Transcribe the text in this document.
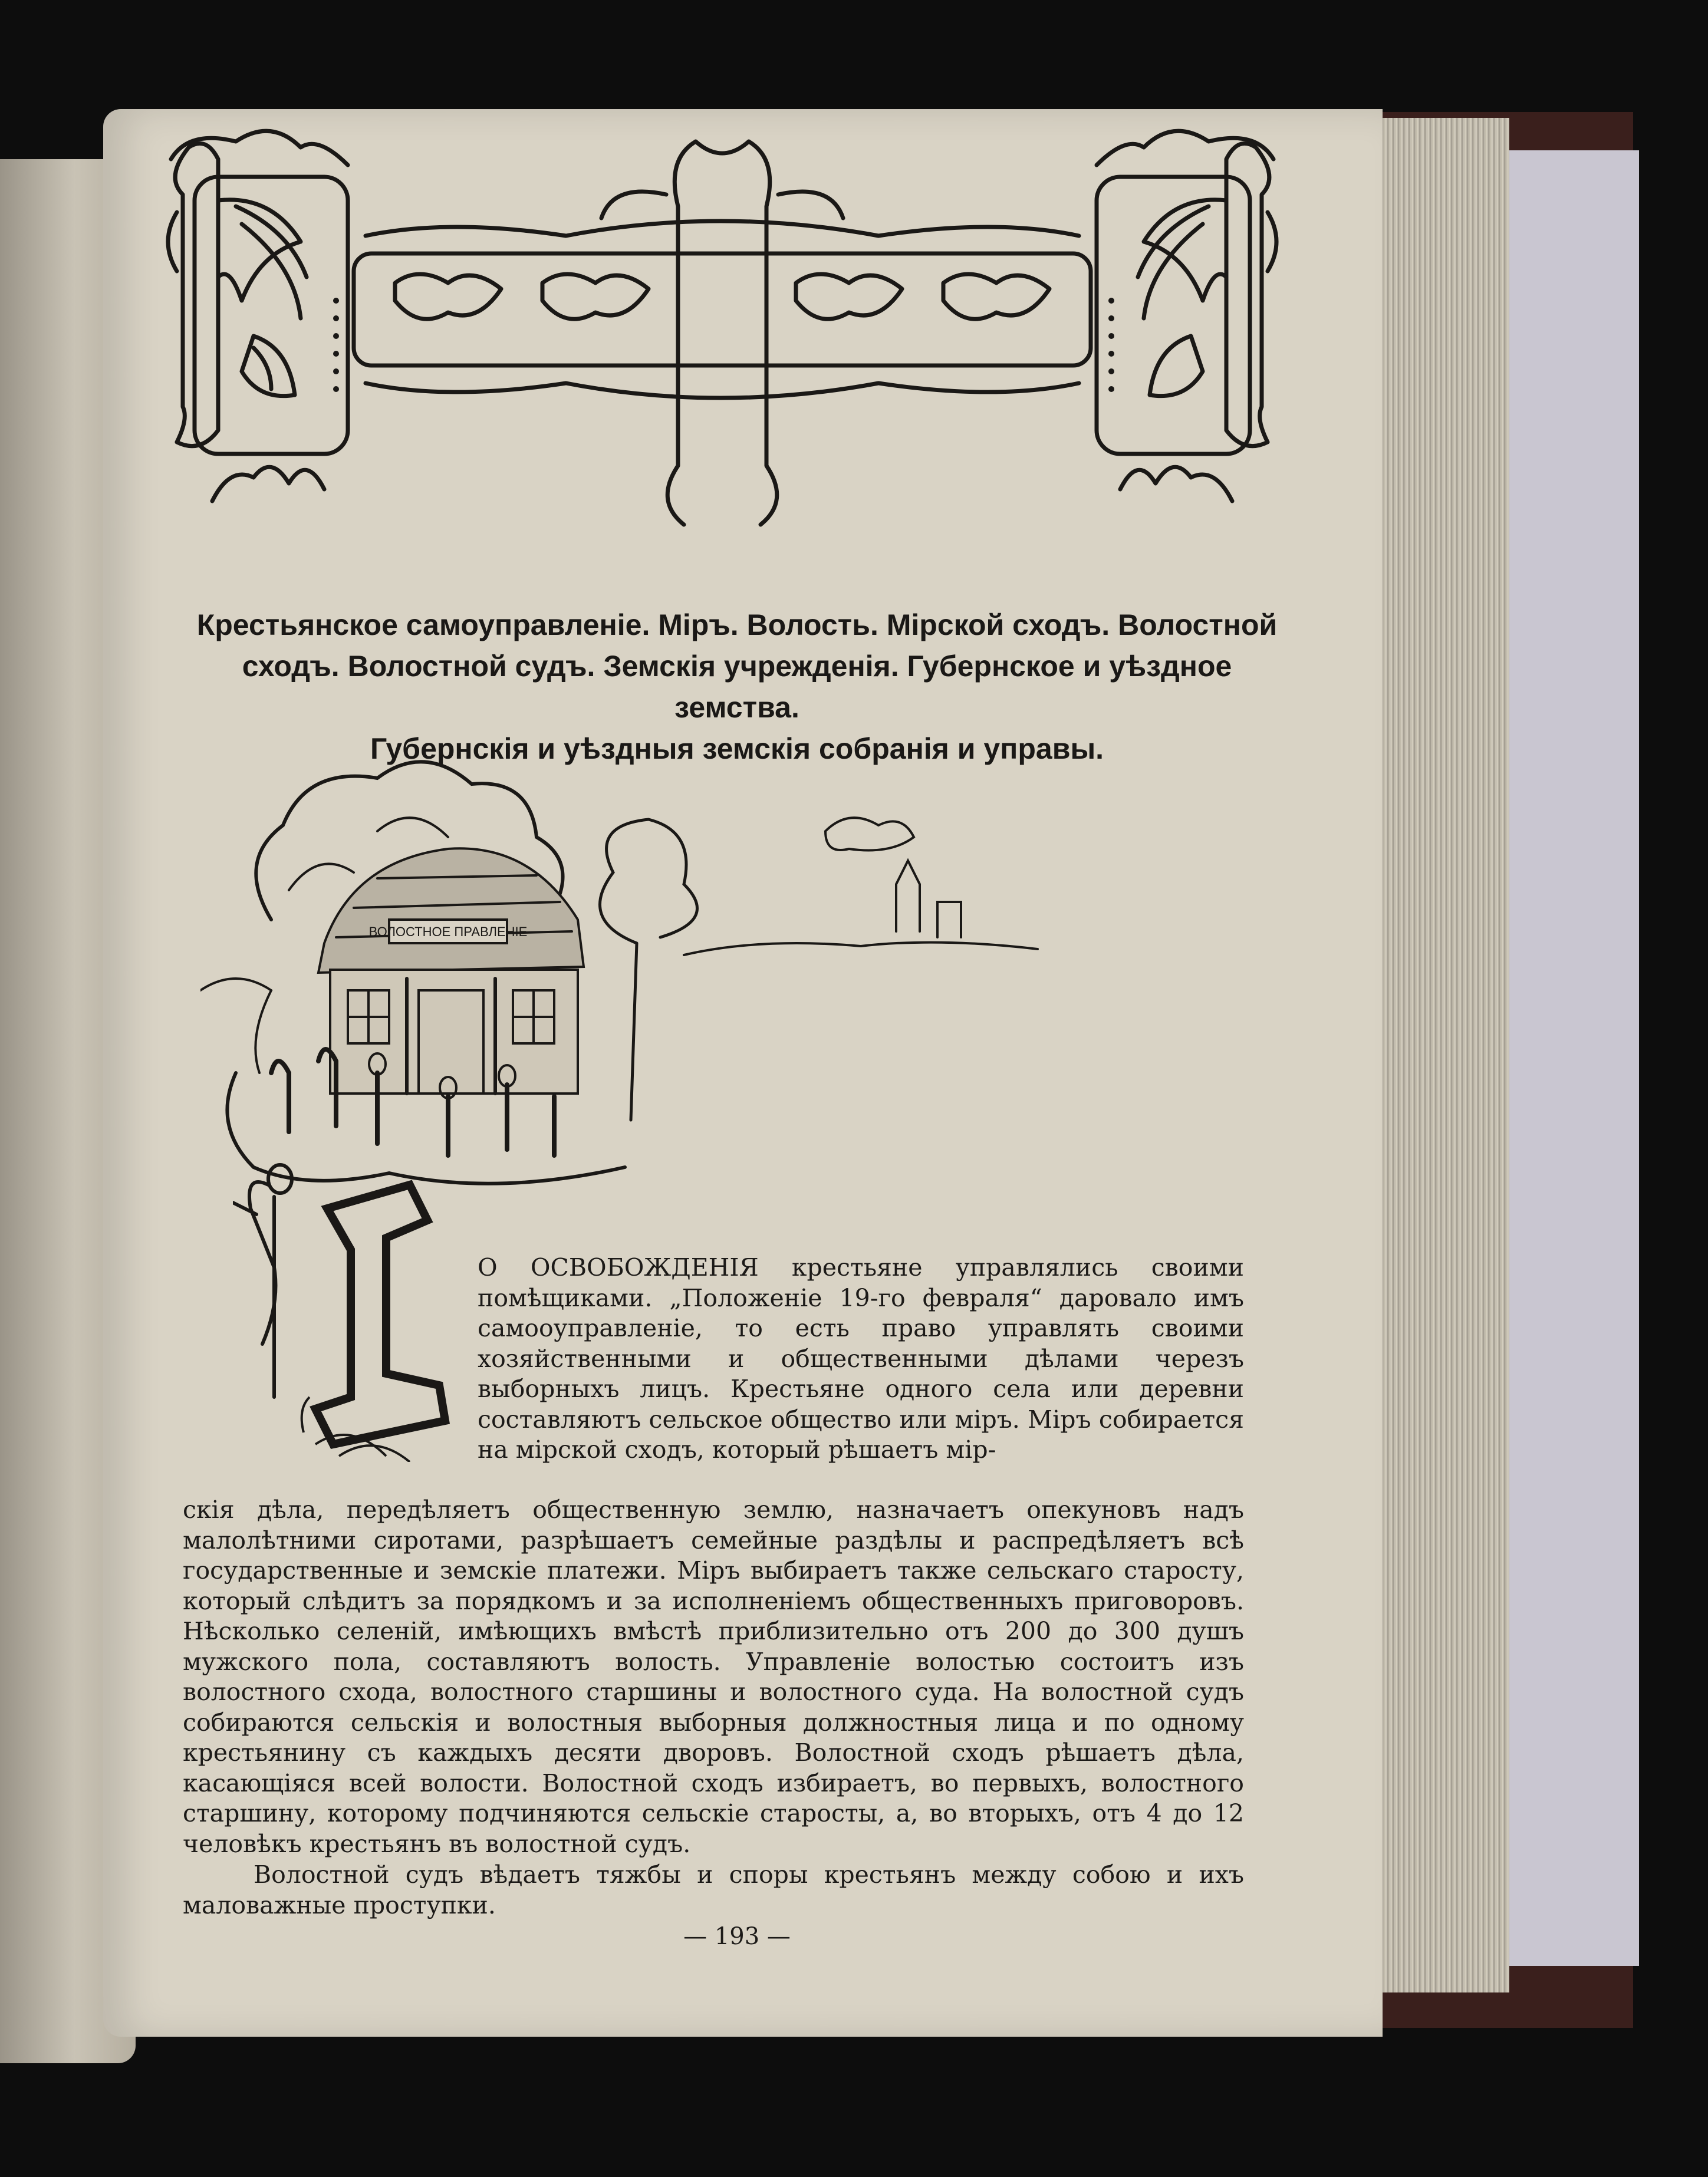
Крестьянское самоуправленіе. Міръ. Волость. Мірской сходъ. Волостной
сходъ. Волостной судъ. Земскія учрежденія. Губернское и уѣздное земства.
Губернскія и уѣздныя земскія собранія и управы.
ВОЛОСТНОЕ ПРАВЛЕНІЕ
О ОСВОБОЖДЕНІЯ крестьяне управлялись своими помѣщиками. „Положеніе 19-го февраля“ даровало имъ самооуправленіе, то есть право управлять своими хозяйственными и общественными дѣлами черезъ выборныхъ лицъ. Крестьяне одного села или деревни составляютъ сельское общество или міръ. Міръ собирается на мірской сходъ, который рѣшаетъ мір-
скія дѣла, передѣляетъ общественную землю, назначаетъ опекуновъ надъ малолѣтними сиротами, разрѣшаетъ семейные раздѣлы и распредѣляетъ всѣ государственные и земскіе платежи. Міръ выбираетъ также сельскаго старосту, который слѣдитъ за порядкомъ и за исполненіемъ общественныхъ приговоровъ. Нѣсколько селеній, имѣющихъ вмѣстѣ приблизительно отъ 200 до 300 душъ мужского пола, составляютъ волость. Управленіе волостью состоитъ изъ волостного схода, волостного старшины и волостного суда. На волостной судъ собираются сельскія и волостныя выборныя должностныя лица и по одному крестьянину съ каждыхъ десяти дворовъ. Волостной сходъ рѣшаетъ дѣла, касающіяся всей волости. Волостной сходъ избираетъ, во первыхъ, волостного старшину, которому подчиняются сельскіе старосты, а, во вторыхъ, отъ 4 до 12 человѣкъ крестьянъ въ волостной судъ.
Волостной судъ вѣдаетъ тяжбы и споры крестьянъ между собою и ихъ маловажные проступки.
— 193 —
